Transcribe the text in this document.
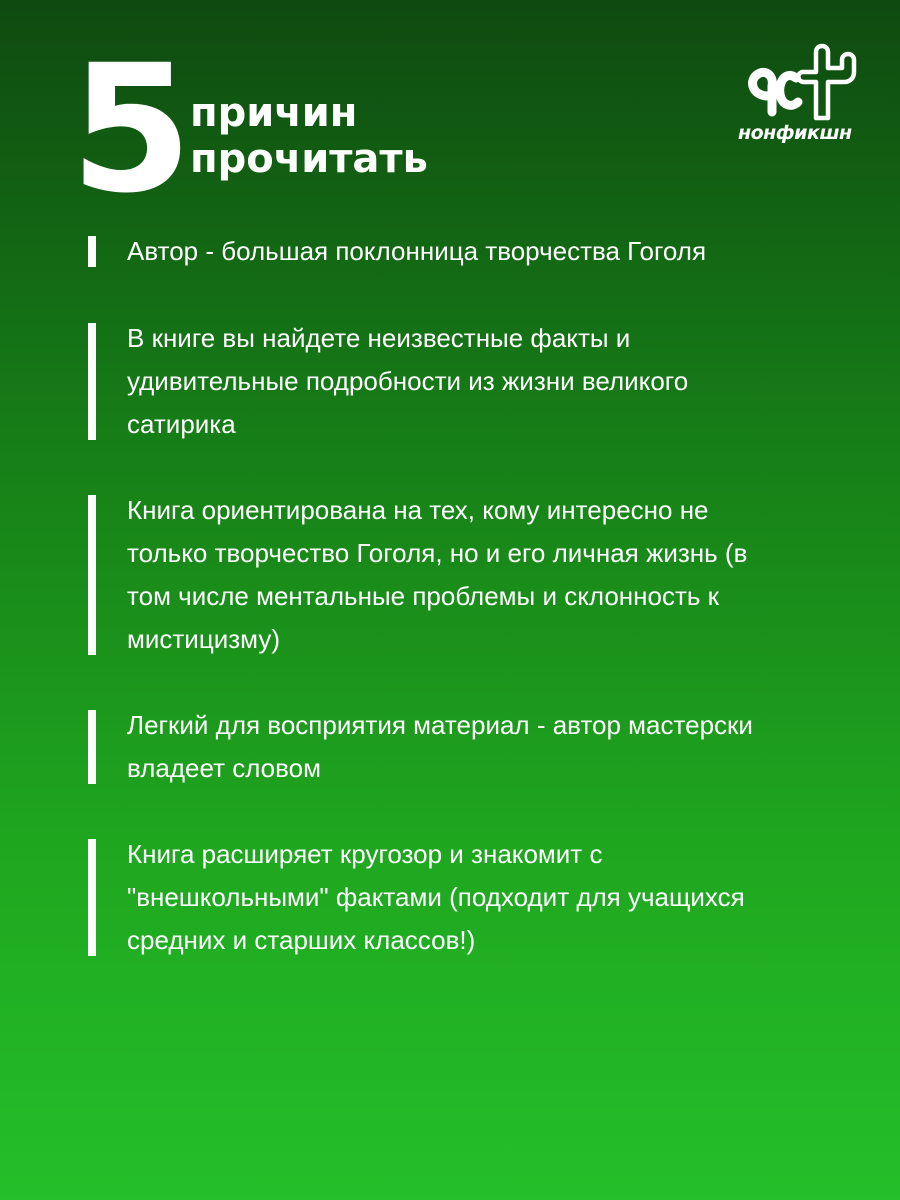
5 причин
прочитать
нонфикшн
Автор - большая поклонница творчества Гоголя
В книге вы найдете неизвестные факты и
удивительные подробности из жизни великого
сатирика
Книга ориентирована на тех, кому интересно не
только творчество Гоголя, но и его личная жизнь (в
том числе ментальные проблемы и склонность к
мистицизму)
Легкий для восприятия материал - автор мастерски
владеет словом
Книга расширяет кругозор и знакомит с
"внешкольными" фактами (подходит для учащихся
средних и старших классов!)
